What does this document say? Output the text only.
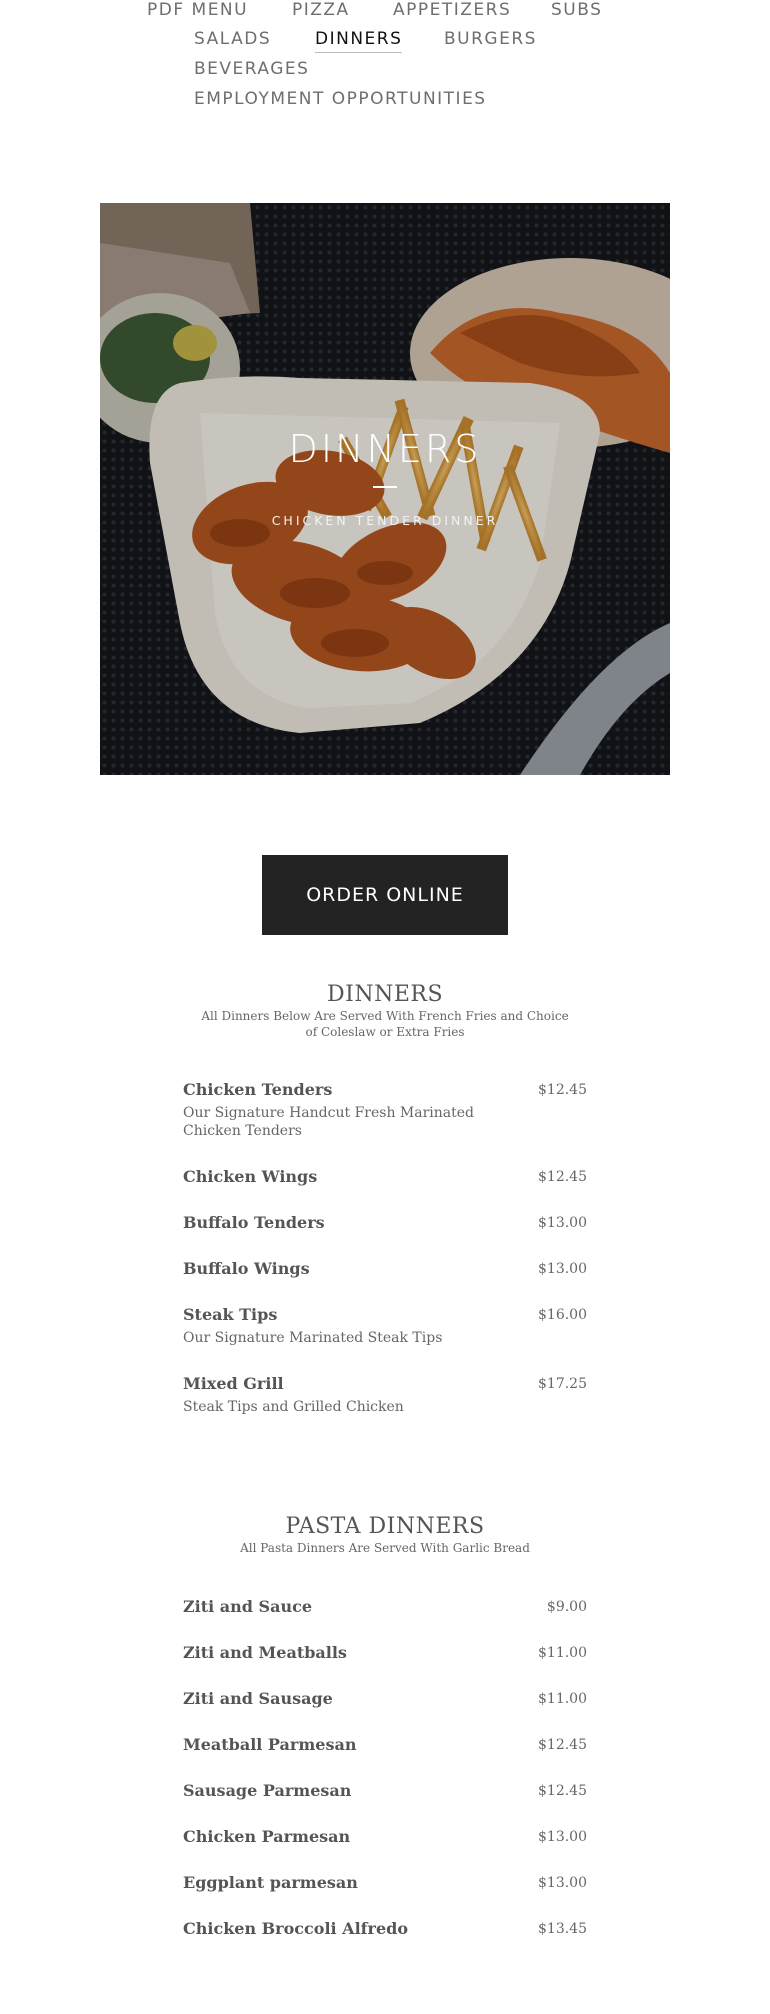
PDF MENU	PIZZA	APPETIZERS SUBS
SALADS	DINNERS BURGERS
BEVERAGES
EMPLOYMENT OPPORTUNITIES
DINNERS
CHICKEN TENDER DINNER
ORDER ONLINE
DINNERS
All Dinners Below Are Served With French Fries and Choice of Coleslaw or Extra Fries
Chicken Tenders	$12.45
Our Signature Handcut Fresh Marinated Chicken Tenders
Chicken Wings	$12.45
Buffalo Tenders	$13.00
Buffalo Wings	$13.00
Steak Tips	$16.00
Our Signature Marinated Steak Tips
Mixed Grill	$17.25
Steak Tips and Grilled Chicken
PASTA DINNERS
All Pasta Dinners Are Served With Garlic Bread
Ziti and Sauce	$9.00
Ziti and Meatballs	$11.00
Ziti and Sausage	$11.00
Meatball Parmesan	$12.45
Sausage Parmesan	$12.45
Chicken Parmesan	$13.00
Eggplant parmesan	$13.00
Chicken Broccoli Alfredo	$13.45
